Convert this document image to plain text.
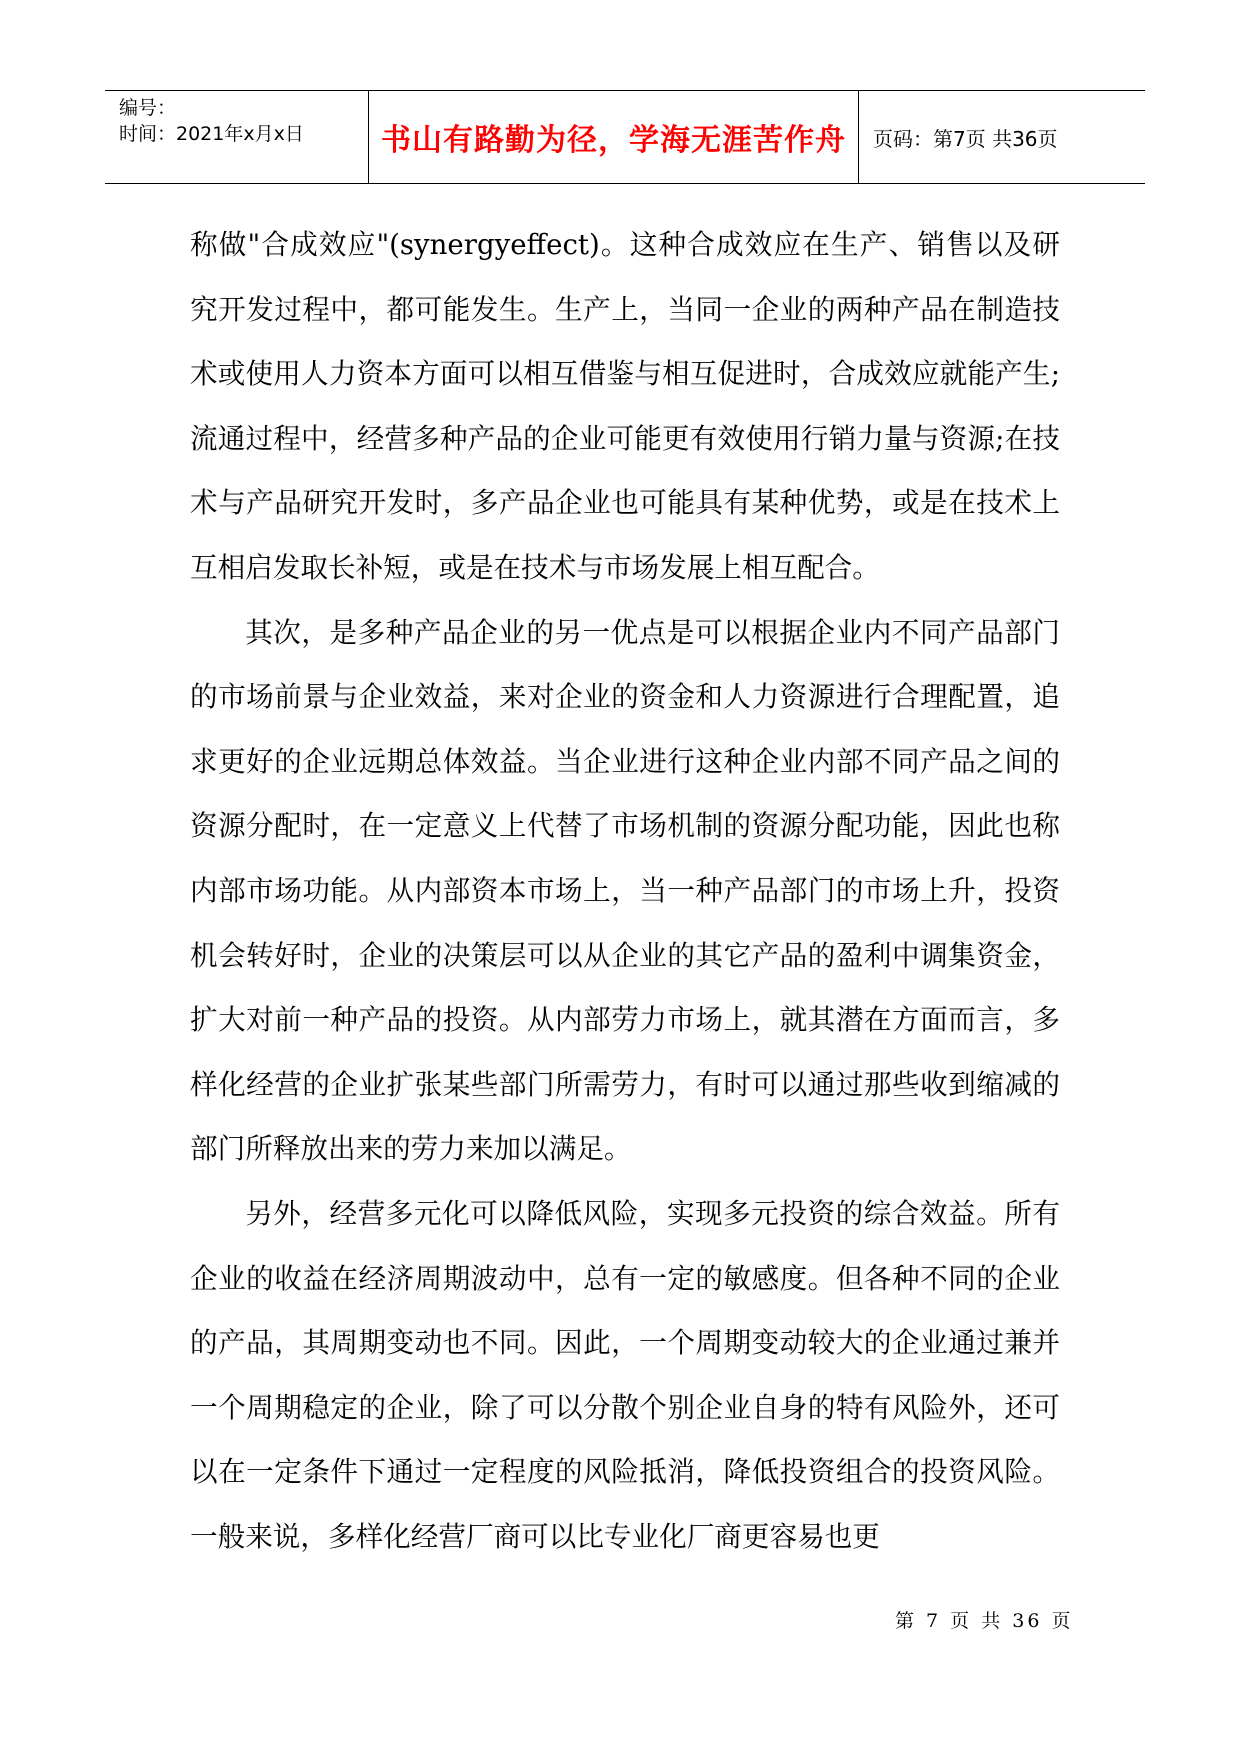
编号：
时间：2021年x月x日	书山有路勤为径，学海无涯苦作舟	页码：第7页 共36页

称做"合成效应"(synergyeffect)。这种合成效应在生产、销售以及研究开发过程中，都可能发生。生产上，当同一企业的两种产品在制造技术或使用人力资本方面可以相互借鉴与相互促进时，合成效应就能产生;流通过程中，经营多种产品的企业可能更有效使用行销力量与资源;在技术与产品研究开发时，多产品企业也可能具有某种优势，或是在技术上互相启发取长补短，或是在技术与市场发展上相互配合。

其次，是多种产品企业的另一优点是可以根据企业内不同产品部门的市场前景与企业效益，来对企业的资金和人力资源进行合理配置，追求更好的企业远期总体效益。当企业进行这种企业内部不同产品之间的资源分配时，在一定意义上代替了市场机制的资源分配功能，因此也称内部市场功能。从内部资本市场上，当一种产品部门的市场上升，投资机会转好时，企业的决策层可以从企业的其它产品的盈利中调集资金，扩大对前一种产品的投资。从内部劳力市场上，就其潜在方面而言，多样化经营的企业扩张某些部门所需劳力，有时可以通过那些收到缩减的部门所释放出来的劳力来加以满足。

另外，经营多元化可以降低风险，实现多元投资的综合效益。所有企业的收益在经济周期波动中，总有一定的敏感度。但各种不同的企业的产品，其周期变动也不同。因此，一个周期变动较大的企业通过兼并一个周期稳定的企业，除了可以分散个别企业自身的特有风险外，还可以在一定条件下通过一定程度的风险抵消，降低投资组合的投资风险。一般来说，多样化经营厂商可以比专业化厂商更容易也更

第 7 页 共 36 页
